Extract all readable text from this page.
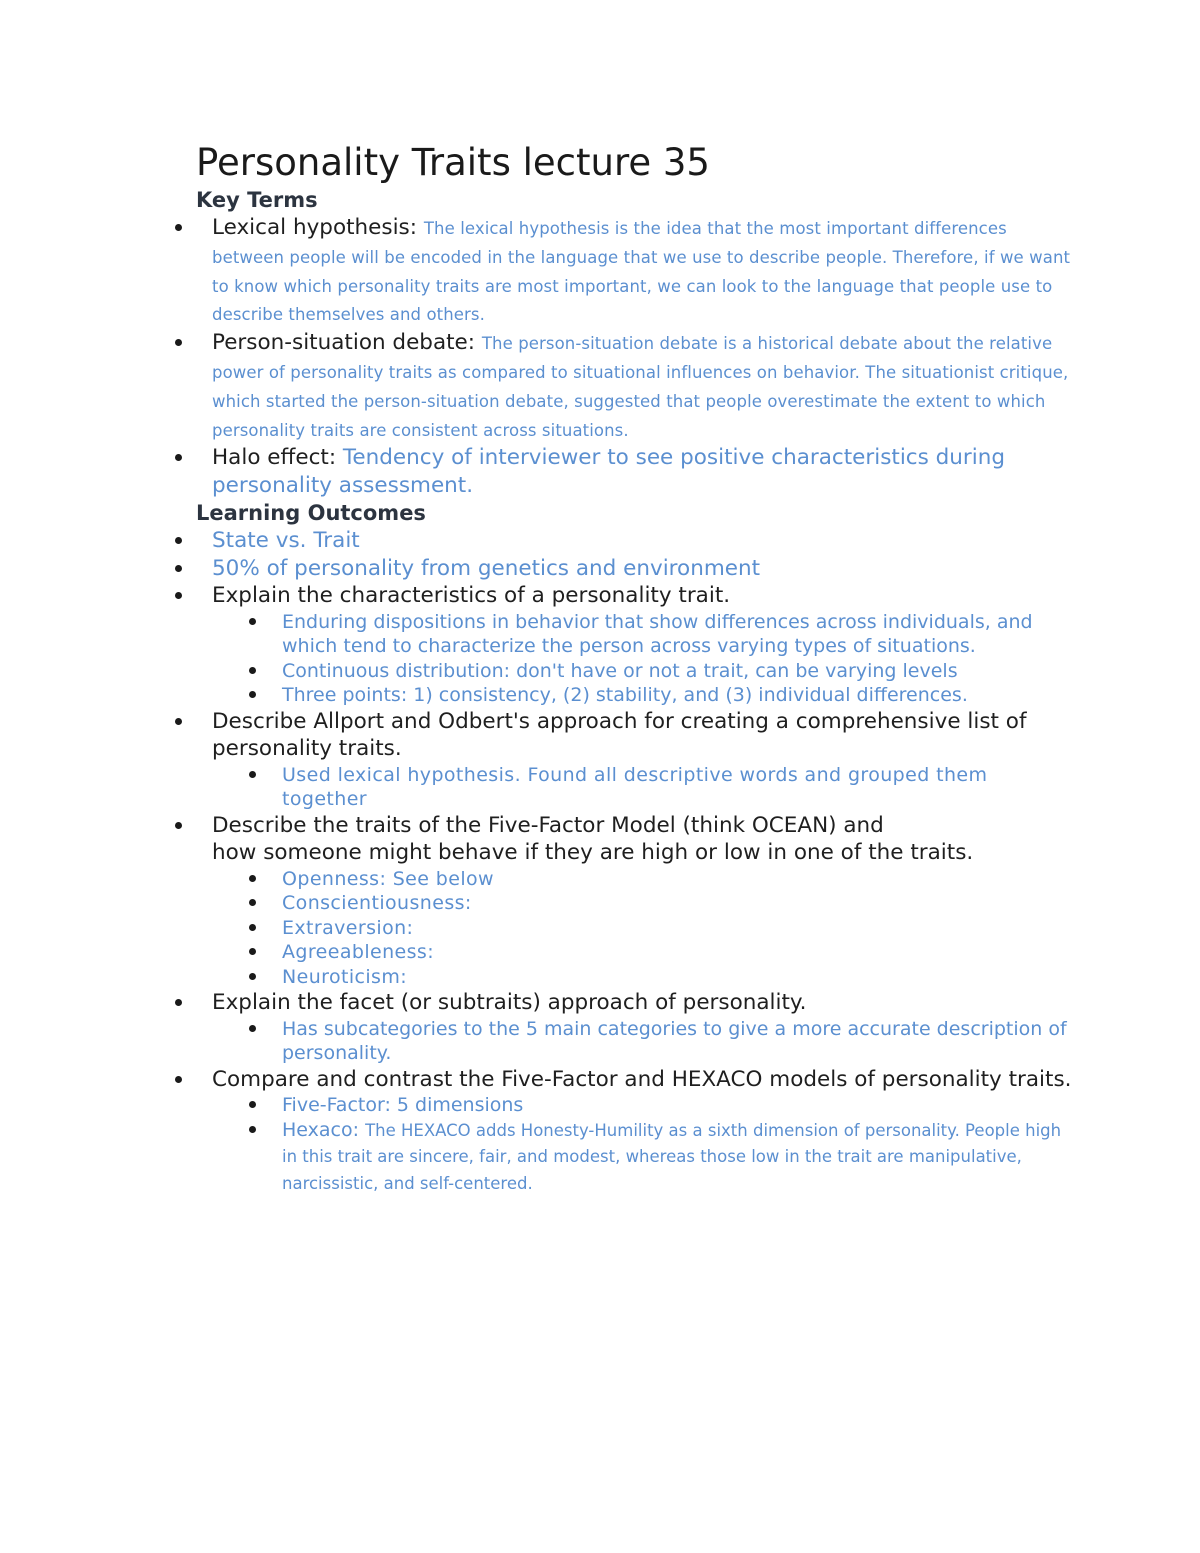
Personality Traits lecture 35
Key Terms
Lexical hypothesis: The lexical hypothesis is the idea that the most important differences between people will be encoded in the language that we use to describe people. Therefore, if we want to know which personality traits are most important, we can look to the language that people use to describe themselves and others.
Person-situation debate: The person-situation debate is a historical debate about the relative power of personality traits as compared to situational influences on behavior. The situationist critique, which started the person-situation debate, suggested that people overestimate the extent to which personality traits are consistent across situations.
Halo effect: Tendency of interviewer to see positive characteristics during personality assessment.
Learning Outcomes
State vs. Trait
50% of personality from genetics and environment
Explain the characteristics of a personality trait.
Enduring dispositions in behavior that show differences across individuals, and which tend to characterize the person across varying types of situations.
Continuous distribution: don't have or not a trait, can be varying levels
Three points: 1) consistency, (2) stability, and (3) individual differences.
Describe Allport and Odbert's approach for creating a comprehensive list of personality traits.
Used lexical hypothesis. Found all descriptive words and grouped them together
Describe the traits of the Five-Factor Model (think OCEAN) and
how someone might behave if they are high or low in one of the traits.
Openness: See below
Conscientiousness:
Extraversion:
Agreeableness:
Neuroticism:
Explain the facet (or subtraits) approach of personality.
Has subcategories to the 5 main categories to give a more accurate description of personality.
Compare and contrast the Five-Factor and HEXACO models of personality traits.
Five-Factor: 5 dimensions
Hexaco: The HEXACO adds Honesty-Humility as a sixth dimension of personality. People high in this trait are sincere, fair, and modest, whereas those low in the trait are manipulative, narcissistic, and self-centered.
